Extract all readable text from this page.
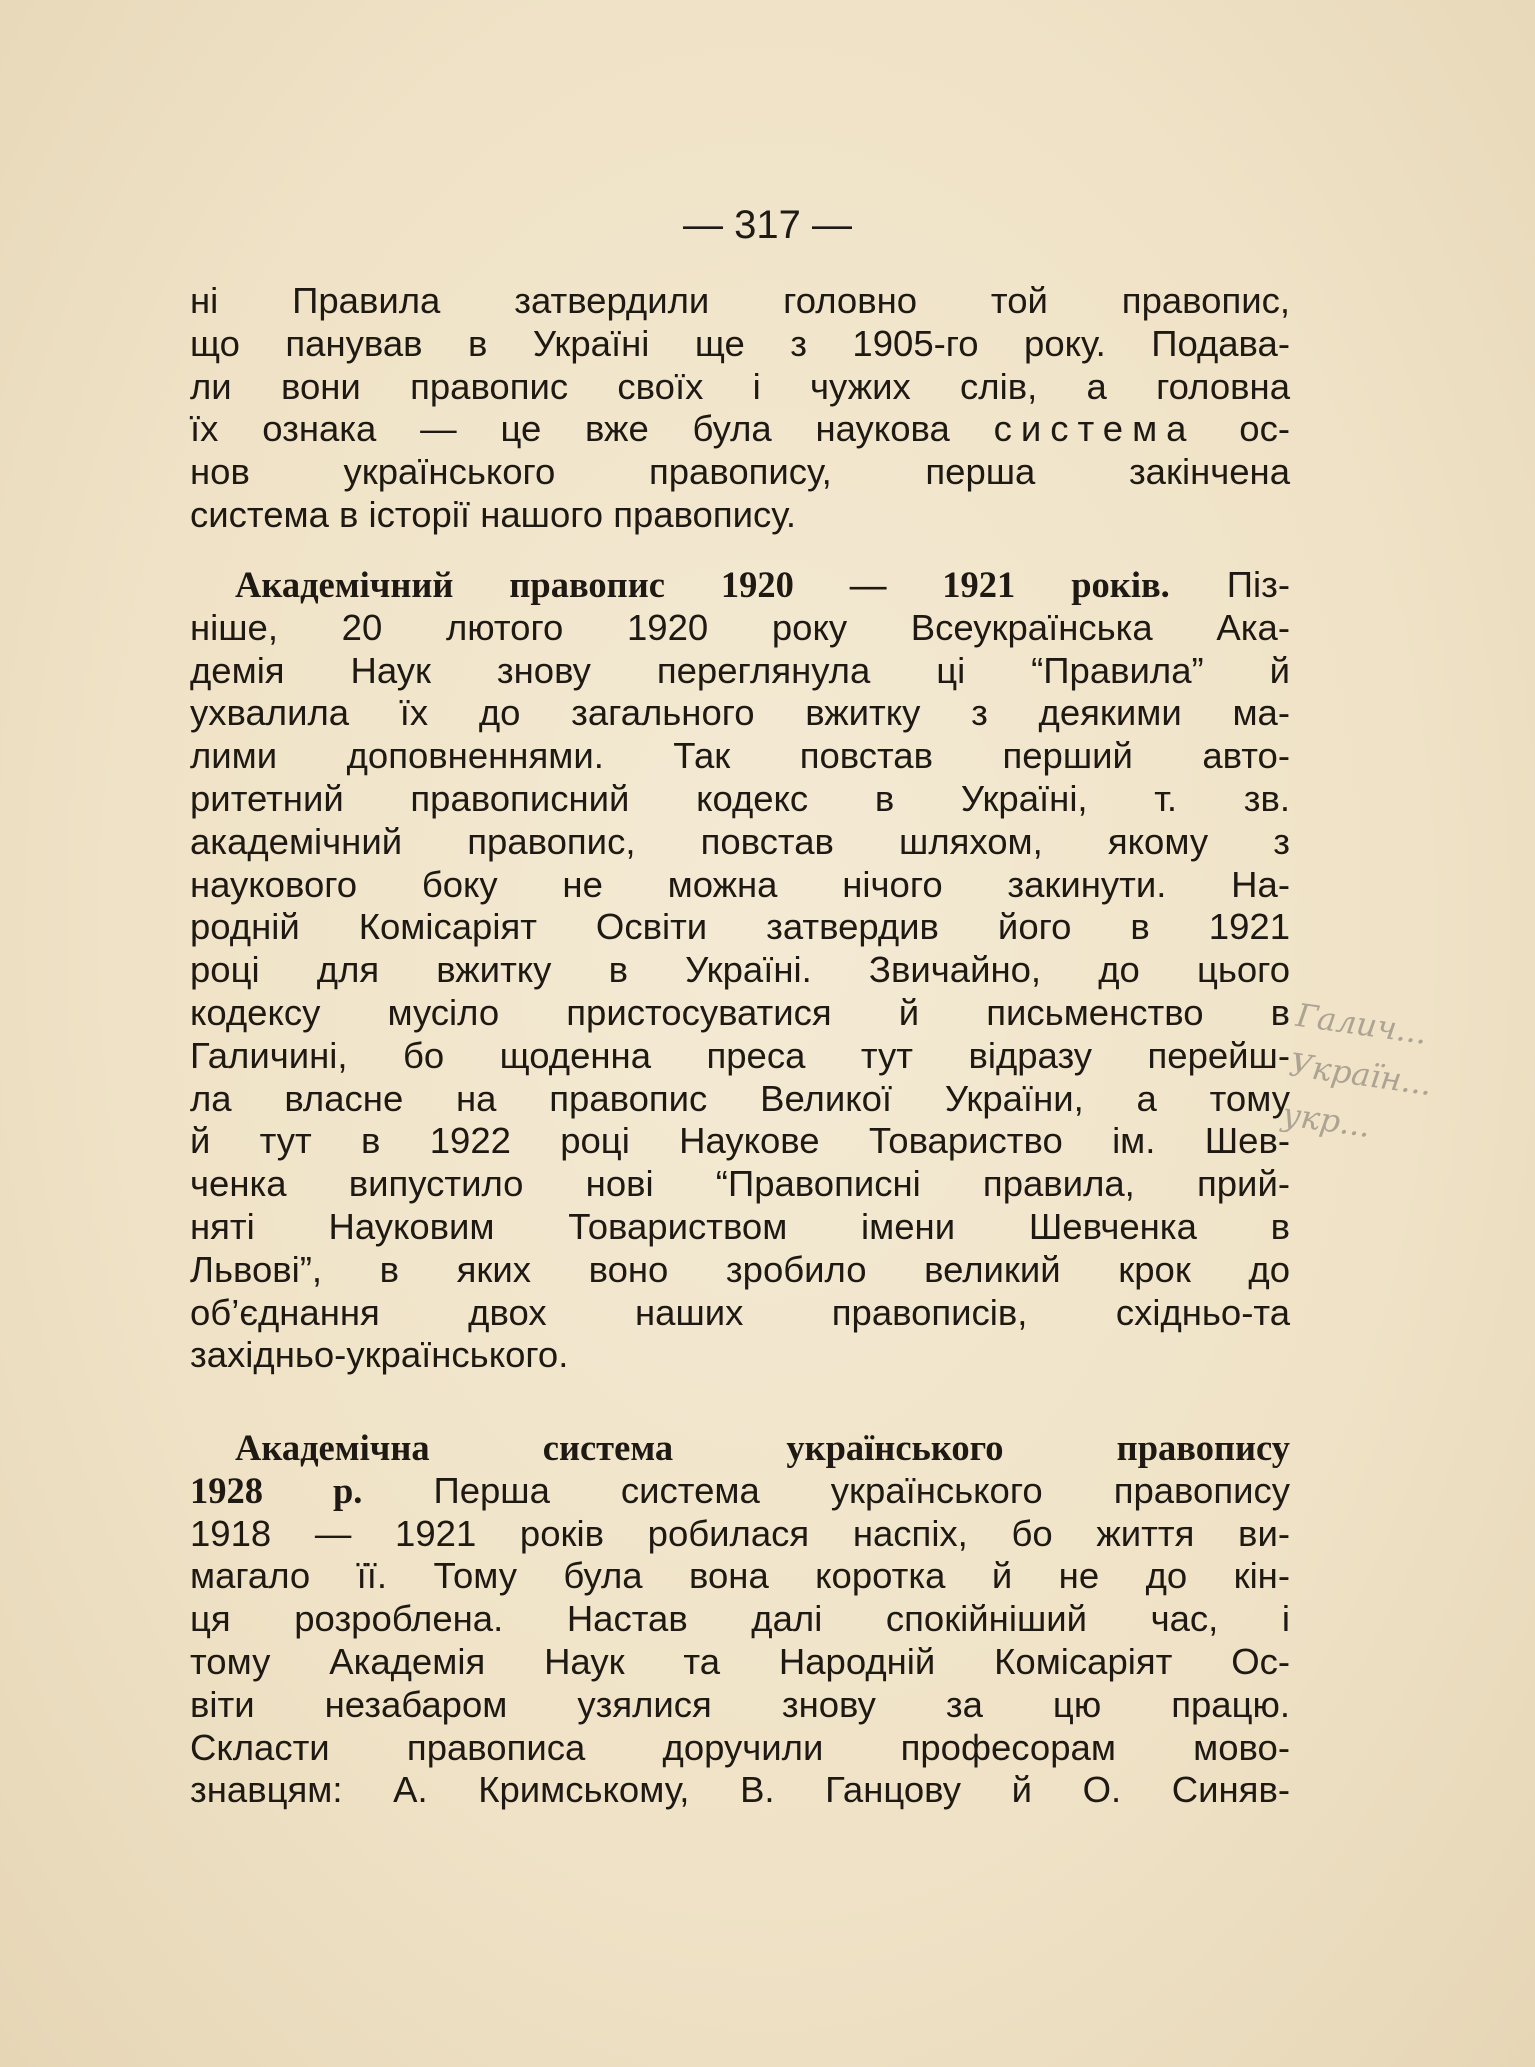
— 317 —
ні Правила затвердили головно той правопис,
що панував в Україні ще з 1905-го року. Подава-
ли вони правопис своїх і чужих слів, а головна
їх ознака — це вже була наукова система ос-
нов українського правопису, перша закінчена
система в історії нашого правопису.
Академічний правопис 1920 — 1921 років. Піз-
ніше, 20 лютого 1920 року Всеукраїнська Ака-
демія Наук знову переглянула ці “Правила” й
ухвалила їх до загального вжитку з деякими ма-
лими доповненнями. Так повстав перший авто-
ритетний правописний кодекс в Україні, т. зв.
академічний правопис, повстав шляхом, якому з
наукового боку не можна нічого закинути. На-
родній Комісаріят Освіти затвердив його в 1921
році для вжитку в Україні. Звичайно, до цього
кодексу мусіло пристосуватися й письменство в
Галичині, бо щоденна преса тут відразу перейш-
ла власне на правопис Великої України, а тому
й тут в 1922 році Наукове Товариство ім. Шев-
ченка випустило нові “Правописні правила, прий-
няті Науковим Товариством імени Шевченка в
Львові”, в яких воно зробило великий крок до
об’єднання двох наших правописів, східньо-та
західньо-українського.
Академічна система українського правопису
1928 р. Перша система українського правопису
1918 — 1921 років робилася наспіх, бо життя ви-
магало її. Тому була вона коротка й не до кін-
ця розроблена. Настав далі спокійніший час, і
тому Академія Наук та Народній Комісаріят Ос-
віти незабаром узялися знову за цю працю.
Скласти правописа доручили професорам мово-
знавцям: А. Кримському, В. Ганцову й О. Синяв-
Галич...
Україн...
укр...
